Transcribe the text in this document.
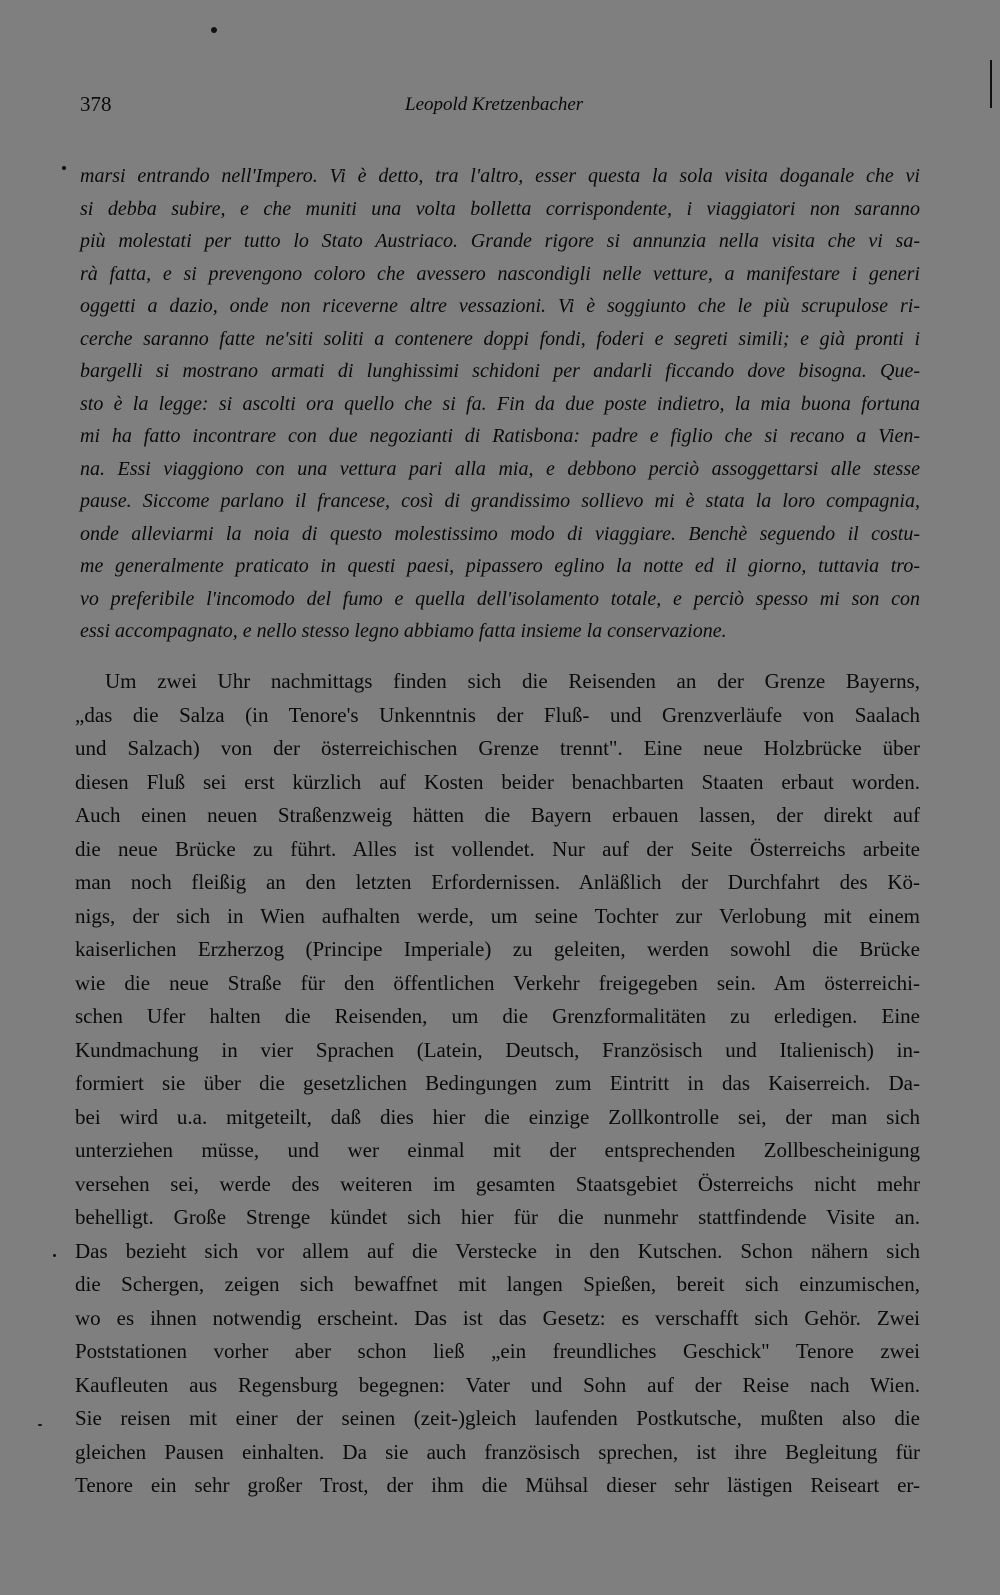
378	Leopold Kretzenbacher
marsi entrando nell'Impero. Vi è detto, tra l'altro, esser questa la sola visita doganale che vi
si debba subire, e che muniti una volta bolletta corrispondente, i viaggiatori non saranno
più molestati per tutto lo Stato Austriaco. Grande rigore si annunzia nella visita che vi sa-
rà fatta, e si prevengono coloro che avessero nascondigli nelle vetture, a manifestare i generi
oggetti a dazio, onde non riceverne altre vessazioni. Vi è soggiunto che le più scrupulose ri-
cerche saranno fatte ne'siti soliti a contenere doppi fondi, foderi e segreti simili; e già pronti i
bargelli si mostrano armati di lunghissimi schidoni per andarli ficcando dove bisogna. Que-
sto è la legge: si ascolti ora quello che si fa. Fin da due poste indietro, la mia buona fortuna
mi ha fatto incontrare con due negozianti di Ratisbona: padre e figlio che si recano a Vien-
na. Essi viaggiono con una vettura pari alla mia, e debbono perciò assoggettarsi alle stesse
pause. Siccome parlano il francese, così di grandissimo sollievo mi è stata la loro compagnia,
onde alleviarmi la noia di questo molestissimo modo di viaggiare. Benchè seguendo il costu-
me generalmente praticato in questi paesi, pipassero eglino la notte ed il giorno, tuttavia tro-
vo preferibile l'incomodo del fumo e quella dell'isolamento totale, e perciò spesso mi son con
essi accompagnato, e nello stesso legno abbiamo fatta insieme la conservazione.
Um zwei Uhr nachmittags finden sich die Reisenden an der Grenze Bayerns,
„das die Salza (in Tenore's Unkenntnis der Fluß- und Grenzverläufe von Saalach
und Salzach) von der österreichischen Grenze trennt". Eine neue Holzbrücke über
diesen Fluß sei erst kürzlich auf Kosten beider benachbarten Staaten erbaut worden.
Auch einen neuen Straßenzweig hätten die Bayern erbauen lassen, der direkt auf
die neue Brücke zu führt. Alles ist vollendet. Nur auf der Seite Österreichs arbeite
man noch fleißig an den letzten Erfordernissen. Anläßlich der Durchfahrt des Kö-
nigs, der sich in Wien aufhalten werde, um seine Tochter zur Verlobung mit einem
kaiserlichen Erzherzog (Principe Imperiale) zu geleiten, werden sowohl die Brücke
wie die neue Straße für den öffentlichen Verkehr freigegeben sein. Am österreichi-
schen Ufer halten die Reisenden, um die Grenzformalitäten zu erledigen. Eine
Kundmachung in vier Sprachen (Latein, Deutsch, Französisch und Italienisch) in-
formiert sie über die gesetzlichen Bedingungen zum Eintritt in das Kaiserreich. Da-
bei wird u.a. mitgeteilt, daß dies hier die einzige Zollkontrolle sei, der man sich
unterziehen müsse, und wer einmal mit der entsprechenden Zollbescheinigung
versehen sei, werde des weiteren im gesamten Staatsgebiet Österreichs nicht mehr
behelligt. Große Strenge kündet sich hier für die nunmehr stattfindende Visite an.
Das bezieht sich vor allem auf die Verstecke in den Kutschen. Schon nähern sich
die Schergen, zeigen sich bewaffnet mit langen Spießen, bereit sich einzumischen,
wo es ihnen notwendig erscheint. Das ist das Gesetz: es verschafft sich Gehör. Zwei
Poststationen vorher aber schon ließ „ein freundliches Geschick" Tenore zwei
Kaufleuten aus Regensburg begegnen: Vater und Sohn auf der Reise nach Wien.
Sie reisen mit einer der seinen (zeit-)gleich laufenden Postkutsche, mußten also die
gleichen Pausen einhalten. Da sie auch französisch sprechen, ist ihre Begleitung für
Tenore ein sehr großer Trost, der ihm die Mühsal dieser sehr lästigen Reiseart er-
